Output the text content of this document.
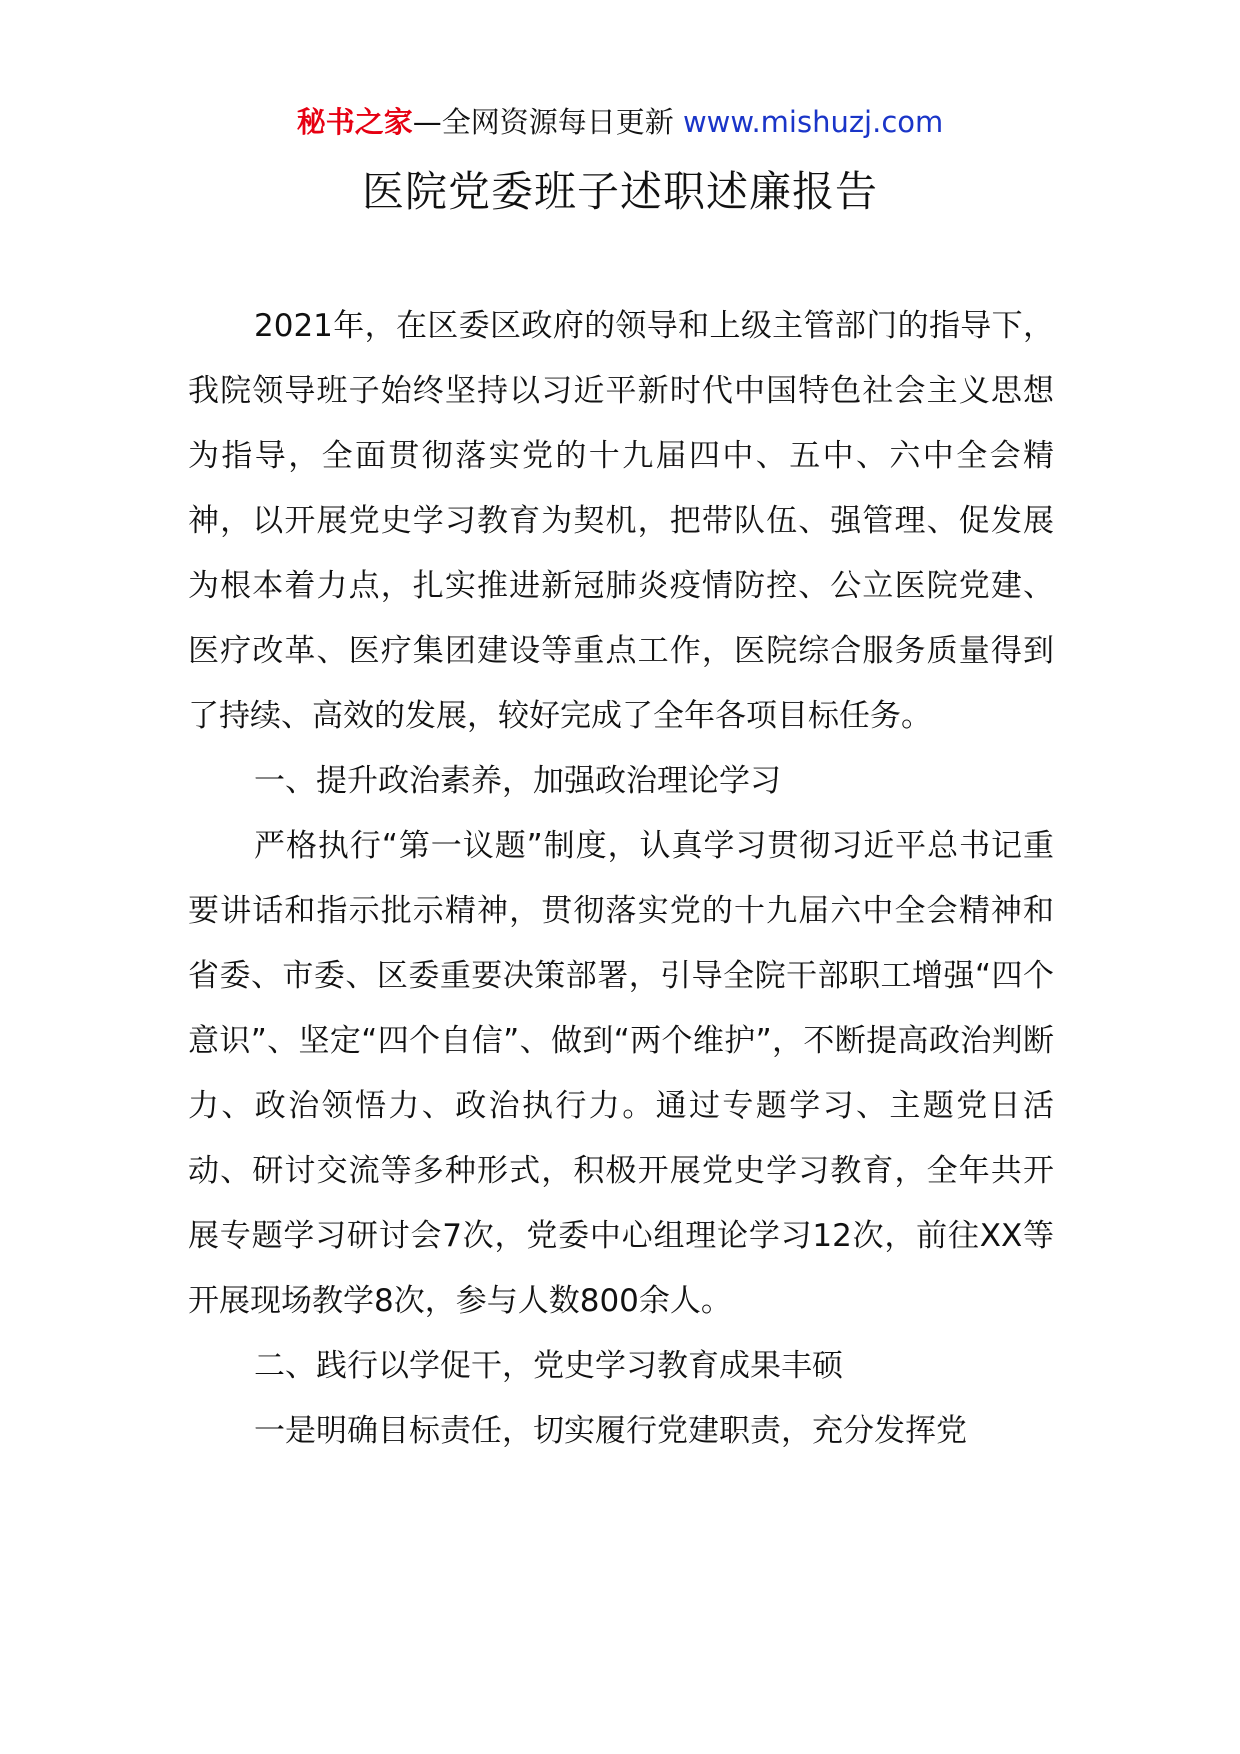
秘书之家—全网资源每日更新 www.mishuzj.com
医院党委班子述职述廉报告

2021年，在区委区政府的领导和上级主管部门的指导下，我院领导班子始终坚持以习近平新时代中国特色社会主义思想为指导，全面贯彻落实党的十九届四中、五中、六中全会精神，以开展党史学习教育为契机，把带队伍、强管理、促发展为根本着力点，扎实推进新冠肺炎疫情防控、公立医院党建、医疗改革、医疗集团建设等重点工作，医院综合服务质量得到了持续、高效的发展，较好完成了全年各项目标任务。

一、提升政治素养，加强政治理论学习

严格执行“第一议题”制度，认真学习贯彻习近平总书记重要讲话和指示批示精神，贯彻落实党的十九届六中全会精神和省委、市委、区委重要决策部署，引导全院干部职工增强“四个意识”、坚定“四个自信”、做到“两个维护”，不断提高政治判断力、政治领悟力、政治执行力。通过专题学习、主题党日活动、研讨交流等多种形式，积极开展党史学习教育，全年共开展专题学习研讨会7次，党委中心组理论学习12次，前往XX等开展现场教学8次，参与人数800余人。

二、践行以学促干，党史学习教育成果丰硕

一是明确目标责任，切实履行党建职责，充分发挥党
